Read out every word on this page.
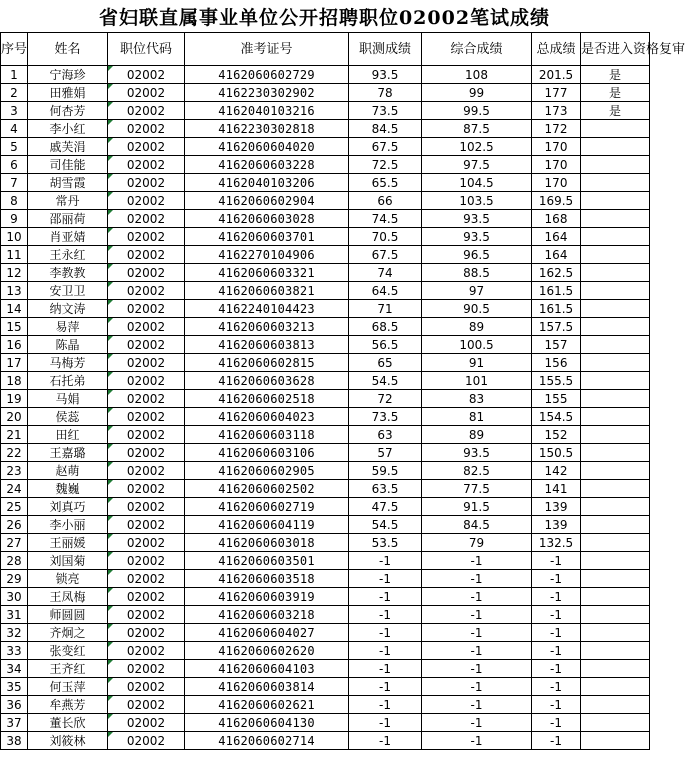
省妇联直属事业单位公开招聘职位02002笔试成绩
序号	姓名	职位代码	准考证号	职测成绩	综合成绩	总成绩	是否进入资格复审
1	宁海珍	02002	4162060602729	93.5	108	201.5	是
2	田雅娟	02002	4162230302902	78	99	177	是
3	何杏芳	02002	4162040103216	73.5	99.5	173	是
4	李小红	02002	4162230302818	84.5	87.5	172	
5	戚芙涓	02002	4162060604020	67.5	102.5	170	
6	司佳能	02002	4162060603228	72.5	97.5	170	
7	胡雪霞	02002	4162040103206	65.5	104.5	170	
8	常丹	02002	4162060602904	66	103.5	169.5	
9	邵丽荷	02002	4162060603028	74.5	93.5	168	
10	肖亚婧	02002	4162060603701	70.5	93.5	164	
11	王永红	02002	4162270104906	67.5	96.5	164	
12	李教教	02002	4162060603321	74	88.5	162.5	
13	安卫卫	02002	4162060603821	64.5	97	161.5	
14	纳文涛	02002	4162240104423	71	90.5	161.5	
15	易萍	02002	4162060603213	68.5	89	157.5	
16	陈晶	02002	4162060603813	56.5	100.5	157	
17	马梅芳	02002	4162060602815	65	91	156	
18	石托弟	02002	4162060603628	54.5	101	155.5	
19	马娟	02002	4162060602518	72	83	155	
20	侯蕊	02002	4162060604023	73.5	81	154.5	
21	田红	02002	4162060603118	63	89	152	
22	王嘉璐	02002	4162060603106	57	93.5	150.5	
23	赵萌	02002	4162060602905	59.5	82.5	142	
24	魏巍	02002	4162060602502	63.5	77.5	141	
25	刘真巧	02002	4162060602719	47.5	91.5	139	
26	李小丽	02002	4162060604119	54.5	84.5	139	
27	王丽媛	02002	4162060603018	53.5	79	132.5	
28	刘国菊	02002	4162060603501	-1	-1	-1	
29	锁亮	02002	4162060603518	-1	-1	-1	
30	王凤梅	02002	4162060603919	-1	-1	-1	
31	师圆圆	02002	4162060603218	-1	-1	-1	
32	齐炯之	02002	4162060604027	-1	-1	-1	
33	张变红	02002	4162060602620	-1	-1	-1	
34	王齐红	02002	4162060604103	-1	-1	-1	
35	何玉萍	02002	4162060603814	-1	-1	-1	
36	牟燕芳	02002	4162060602621	-1	-1	-1	
37	董长欣	02002	4162060604130	-1	-1	-1	
38	刘筱林	02002	4162060602714	-1	-1	-1	
